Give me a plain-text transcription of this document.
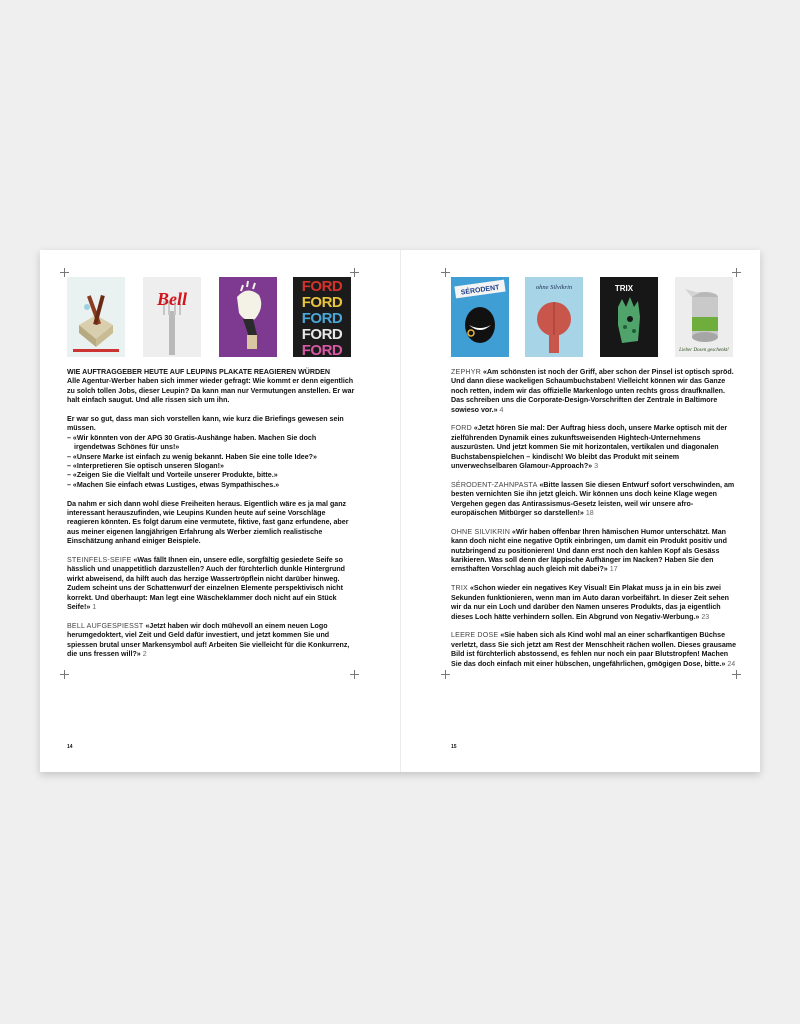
Bell
FORD
FORD
FORD
FORD
FORD
WIE AUFTRAGGEBER HEUTE AUF LEUPINS PLAKATE REAGIEREN WÜRDEN

Alle Agentur-Werber haben sich immer wieder gefragt: Wie kommt er denn eigentlich zu solch tollen Jobs, dieser Leupin? Da kann man nur Vermutungen anstellen. Er war halt einfach saugut. Und alle rissen sich um ihn.

Er war so gut, dass man sich vorstellen kann, wie kurz die Briefings gewesen sein müssen.
– «Wir könnten von der APG 30 Gratis-Aushänge haben. Machen Sie doch irgendetwas Schönes für uns!»
– «Unsere Marke ist einfach zu wenig bekannt. Haben Sie eine tolle Idee?»
– «Interpretieren Sie optisch unseren Slogan!»
– «Zeigen Sie die Vielfalt und Vorteile unserer Produkte, bitte.»
– «Machen Sie einfach etwas Lustiges, etwas Sympathisches.»

Da nahm er sich dann wohl diese Freiheiten heraus. Eigentlich wäre es ja mal ganz interessant herauszufinden, wie Leupins Kunden heute auf seine Vorschläge reagieren könnten. Es folgt darum eine vermutete, fiktive, fast ganz erfundene, aber aus meiner eigenen langjährigen Erfahrung als Werber ziemlich realistische Einschätzung anhand einiger Beispiele.

STEINFELS-SEIFE «Was fällt Ihnen ein, unsere edle, sorgfältig gesiedete Seife so hässlich und unappetitlich darzustellen? Auch der fürchterlich dunkle Hintergrund wirkt abweisend, da hilft auch das herzige Wassertröpflein nicht darüber hinweg. Zudem scheint uns der Schattenwurf der einzelnen Elemente perspektivisch nicht korrekt. Und überhaupt: Man legt eine Wäscheklammer doch nicht auf ein Stück Seife!» 1

BELL AUFGESPIESST «Jetzt haben wir doch mühevoll an einem neuen Logo herumgedoktert, viel Zeit und Geld dafür investiert, und jetzt kommen Sie und spiessen brutal unser Markensymbol auf! Arbeiten Sie vielleicht für die Konkurrenz, die uns fressen will?» 2

14
SÉRODENT	ohne Silvikrin	TRIX
Lieber Dosen geschenkt!

ZEPHYR «Am schönsten ist noch der Griff, aber schon der Pinsel ist optisch spröd. Und dann diese wackeligen Schaumbuchstaben! Vielleicht können wir das Ganze noch retten, indem wir das offizielle Markenlogo unten rechts gross draufknallen. Das schreiben uns die Corporate-Design-Vorschriften der Zentrale in Baltimore sowieso vor.» 4

FORD «Jetzt hören Sie mal: Der Auftrag hiess doch, unsere Marke optisch mit der zielführenden Dynamik eines zukunftsweisenden Hightech-Unternehmens auszurüsten. Und jetzt kommen Sie mit horizontalen, vertikalen und diagonalen Buchstabenspielchen – kindisch! Wo bleibt das Produkt mit seinem unverwechselbaren Glamour-Approach?» 3

SÉRODENT-ZAHNPASTA «Bitte lassen Sie diesen Entwurf sofort verschwinden, am besten vernichten Sie ihn jetzt gleich. Wir können uns doch keine Klage wegen Vergehen gegen das Antirassismus-Gesetz leisten, weil wir unsere afro-europäischen Mitbürger so darstellen!» 18

OHNE SILVIKRIN «Wir haben offenbar Ihren hämischen Humor unterschätzt. Man kann doch nicht eine negative Optik einbringen, um damit ein Produkt positiv und nutzbringend zu positionieren! Und dann erst noch den kahlen Kopf als Gesäss karikieren. Was soll denn der läppische Aufhänger im Nacken? Haben Sie den ernsthaften Vorschlag auch gleich mit dabei?» 17

TRIX «Schon wieder ein negatives Key Visual! Ein Plakat muss ja in ein bis zwei Sekunden funktionieren, wenn man im Auto daran vorbeifährt. In dieser Zeit sehen wir da nur ein Loch und darüber den Namen unseres Produkts, das ja eigentlich dieses Loch hätte verhindern sollen. Ein Abgrund von Negativ-Werbung.» 23

LEERE DOSE «Sie haben sich als Kind wohl mal an einer scharfkantigen Büchse verletzt, dass Sie sich jetzt am Rest der Menschheit rächen wollen. Dieses grausame Bild ist fürchterlich abstossend, es fehlen nur noch ein paar Blutstropfen! Machen Sie das doch einfach mit einer hübschen, ungefährlichen, gmögigen Dose, bitte.» 24

15
